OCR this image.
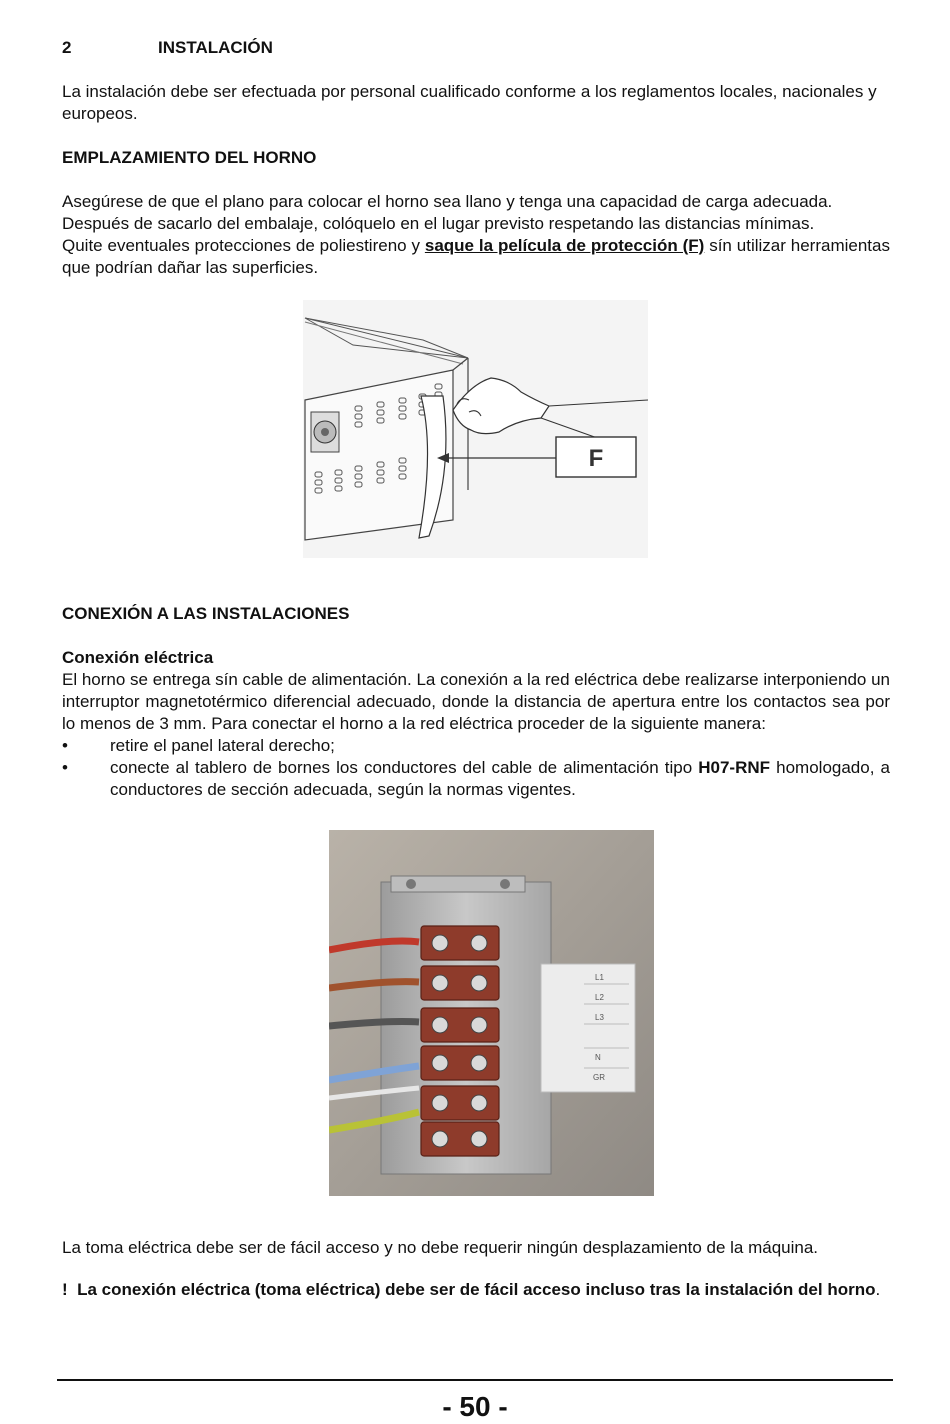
2	INSTALACIÓN
La instalación debe ser efectuada por personal cualificado conforme a los reglamentos locales, nacionales y europeos.
EMPLAZAMIENTO DEL HORNO
Asegúrese de que el plano para colocar el horno sea llano y tenga una capacidad de carga adecuada.
Después de sacarlo del embalaje, colóquelo en el lugar previsto respetando las distancias mínimas.
Quite eventuales protecciones de poliestireno y saque la película de protección (F) sín utilizar herramientas que podrían dañar las superficies.
F
CONEXIÓN A LAS INSTALACIONES
Conexión eléctrica
El horno se entrega sín cable de alimentación. La conexión a la red eléctrica debe realizarse interponiendo un interruptor magnetotérmico diferencial adecuado, donde la distancia de apertura entre los contactos sea por lo menos de 3 mm. Para conectar el horno a la red eléctrica proceder de la siguiente manera:
• retire el panel lateral derecho;
• conecte al tablero de bornes los conductores del cable de alimentación tipo H07-RNF homologado, a conductores de sección adecuada, según la normas vigentes.
L1
L2
L3
N
GR
La toma eléctrica debe ser de fácil acceso y no debe requerir ningún desplazamiento de la máquina.
! La conexión eléctrica (toma eléctrica) debe ser de fácil acceso incluso tras la instalación del horno.
- 50 -
